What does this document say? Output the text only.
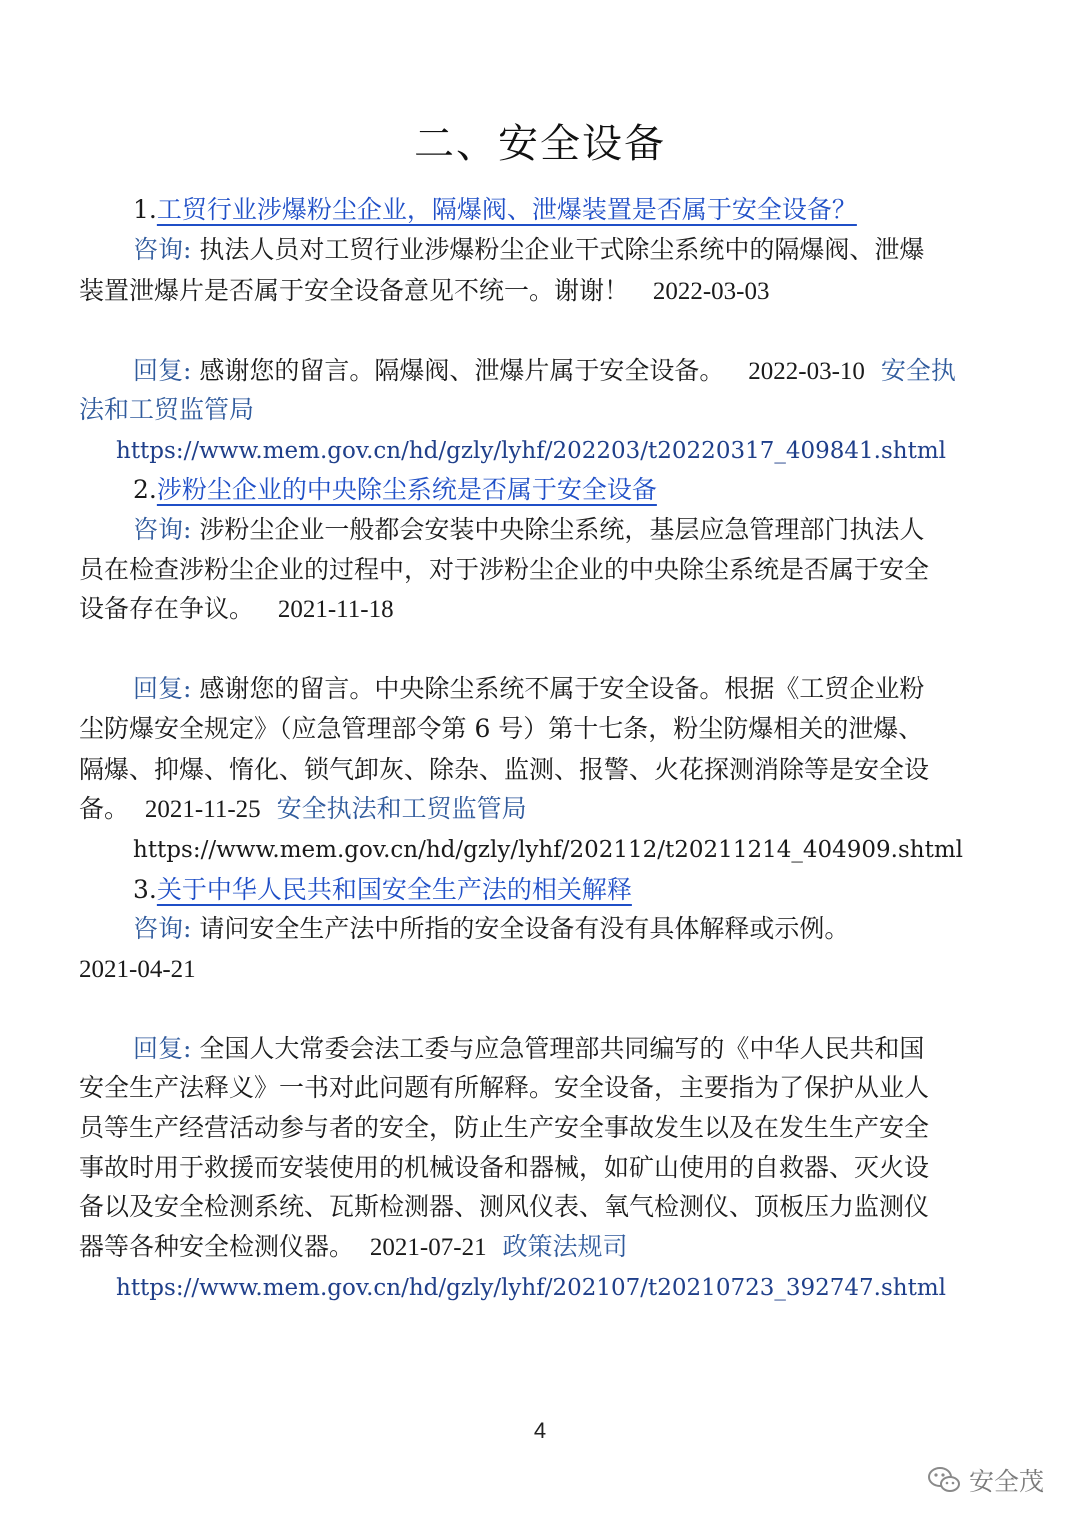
二、安全设备
1.工贸行业涉爆粉尘企业，隔爆阀、泄爆装置是否属于安全设备？
咨询: 执法人员对工贸行业涉爆粉尘企业干式除尘系统中的隔爆阀、泄爆
装置泄爆片是否属于安全设备意见不统一。谢谢！ 2022-03-03
回复: 感谢您的留言。隔爆阀、泄爆片属于安全设备。 2022-03-10 安全执
法和工贸监管局
https://www.mem.gov.cn/hd/gzly/lyhf/202203/t20220317_409841.shtml
2.涉粉尘企业的中央除尘系统是否属于安全设备
咨询: 涉粉尘企业一般都会安装中央除尘系统，基层应急管理部门执法人
员在检查涉粉尘企业的过程中，对于涉粉尘企业的中央除尘系统是否属于安全
设备存在争议。 2021-11-18
回复: 感谢您的留言。中央除尘系统不属于安全设备。根据《工贸企业粉
尘防爆安全规定》（应急管理部令第 6 号）第十七条，粉尘防爆相关的泄爆、
隔爆、抑爆、惰化、锁气卸灰、除杂、监测、报警、火花探测消除等是安全设
备。 2021-11-25 安全执法和工贸监管局
https://www.mem.gov.cn/hd/gzly/lyhf/202112/t20211214_404909.shtml
3.关于中华人民共和国安全生产法的相关解释
咨询: 请问安全生产法中所指的安全设备有没有具体解释或示例。
2021-04-21
回复: 全国人大常委会法工委与应急管理部共同编写的《中华人民共和国
安全生产法释义》一书对此问题有所解释。安全设备，主要指为了保护从业人
员等生产经营活动参与者的安全，防止生产安全事故发生以及在发生生产安全
事故时用于救援而安装使用的机械设备和器械，如矿山使用的自救器、灭火设
备以及安全检测系统、瓦斯检测器、测风仪表、氧气检测仪、顶板压力监测仪
器等各种安全检测仪器。 2021-07-21 政策法规司
https://www.mem.gov.cn/hd/gzly/lyhf/202107/t20210723_392747.shtml
4
安全茂
